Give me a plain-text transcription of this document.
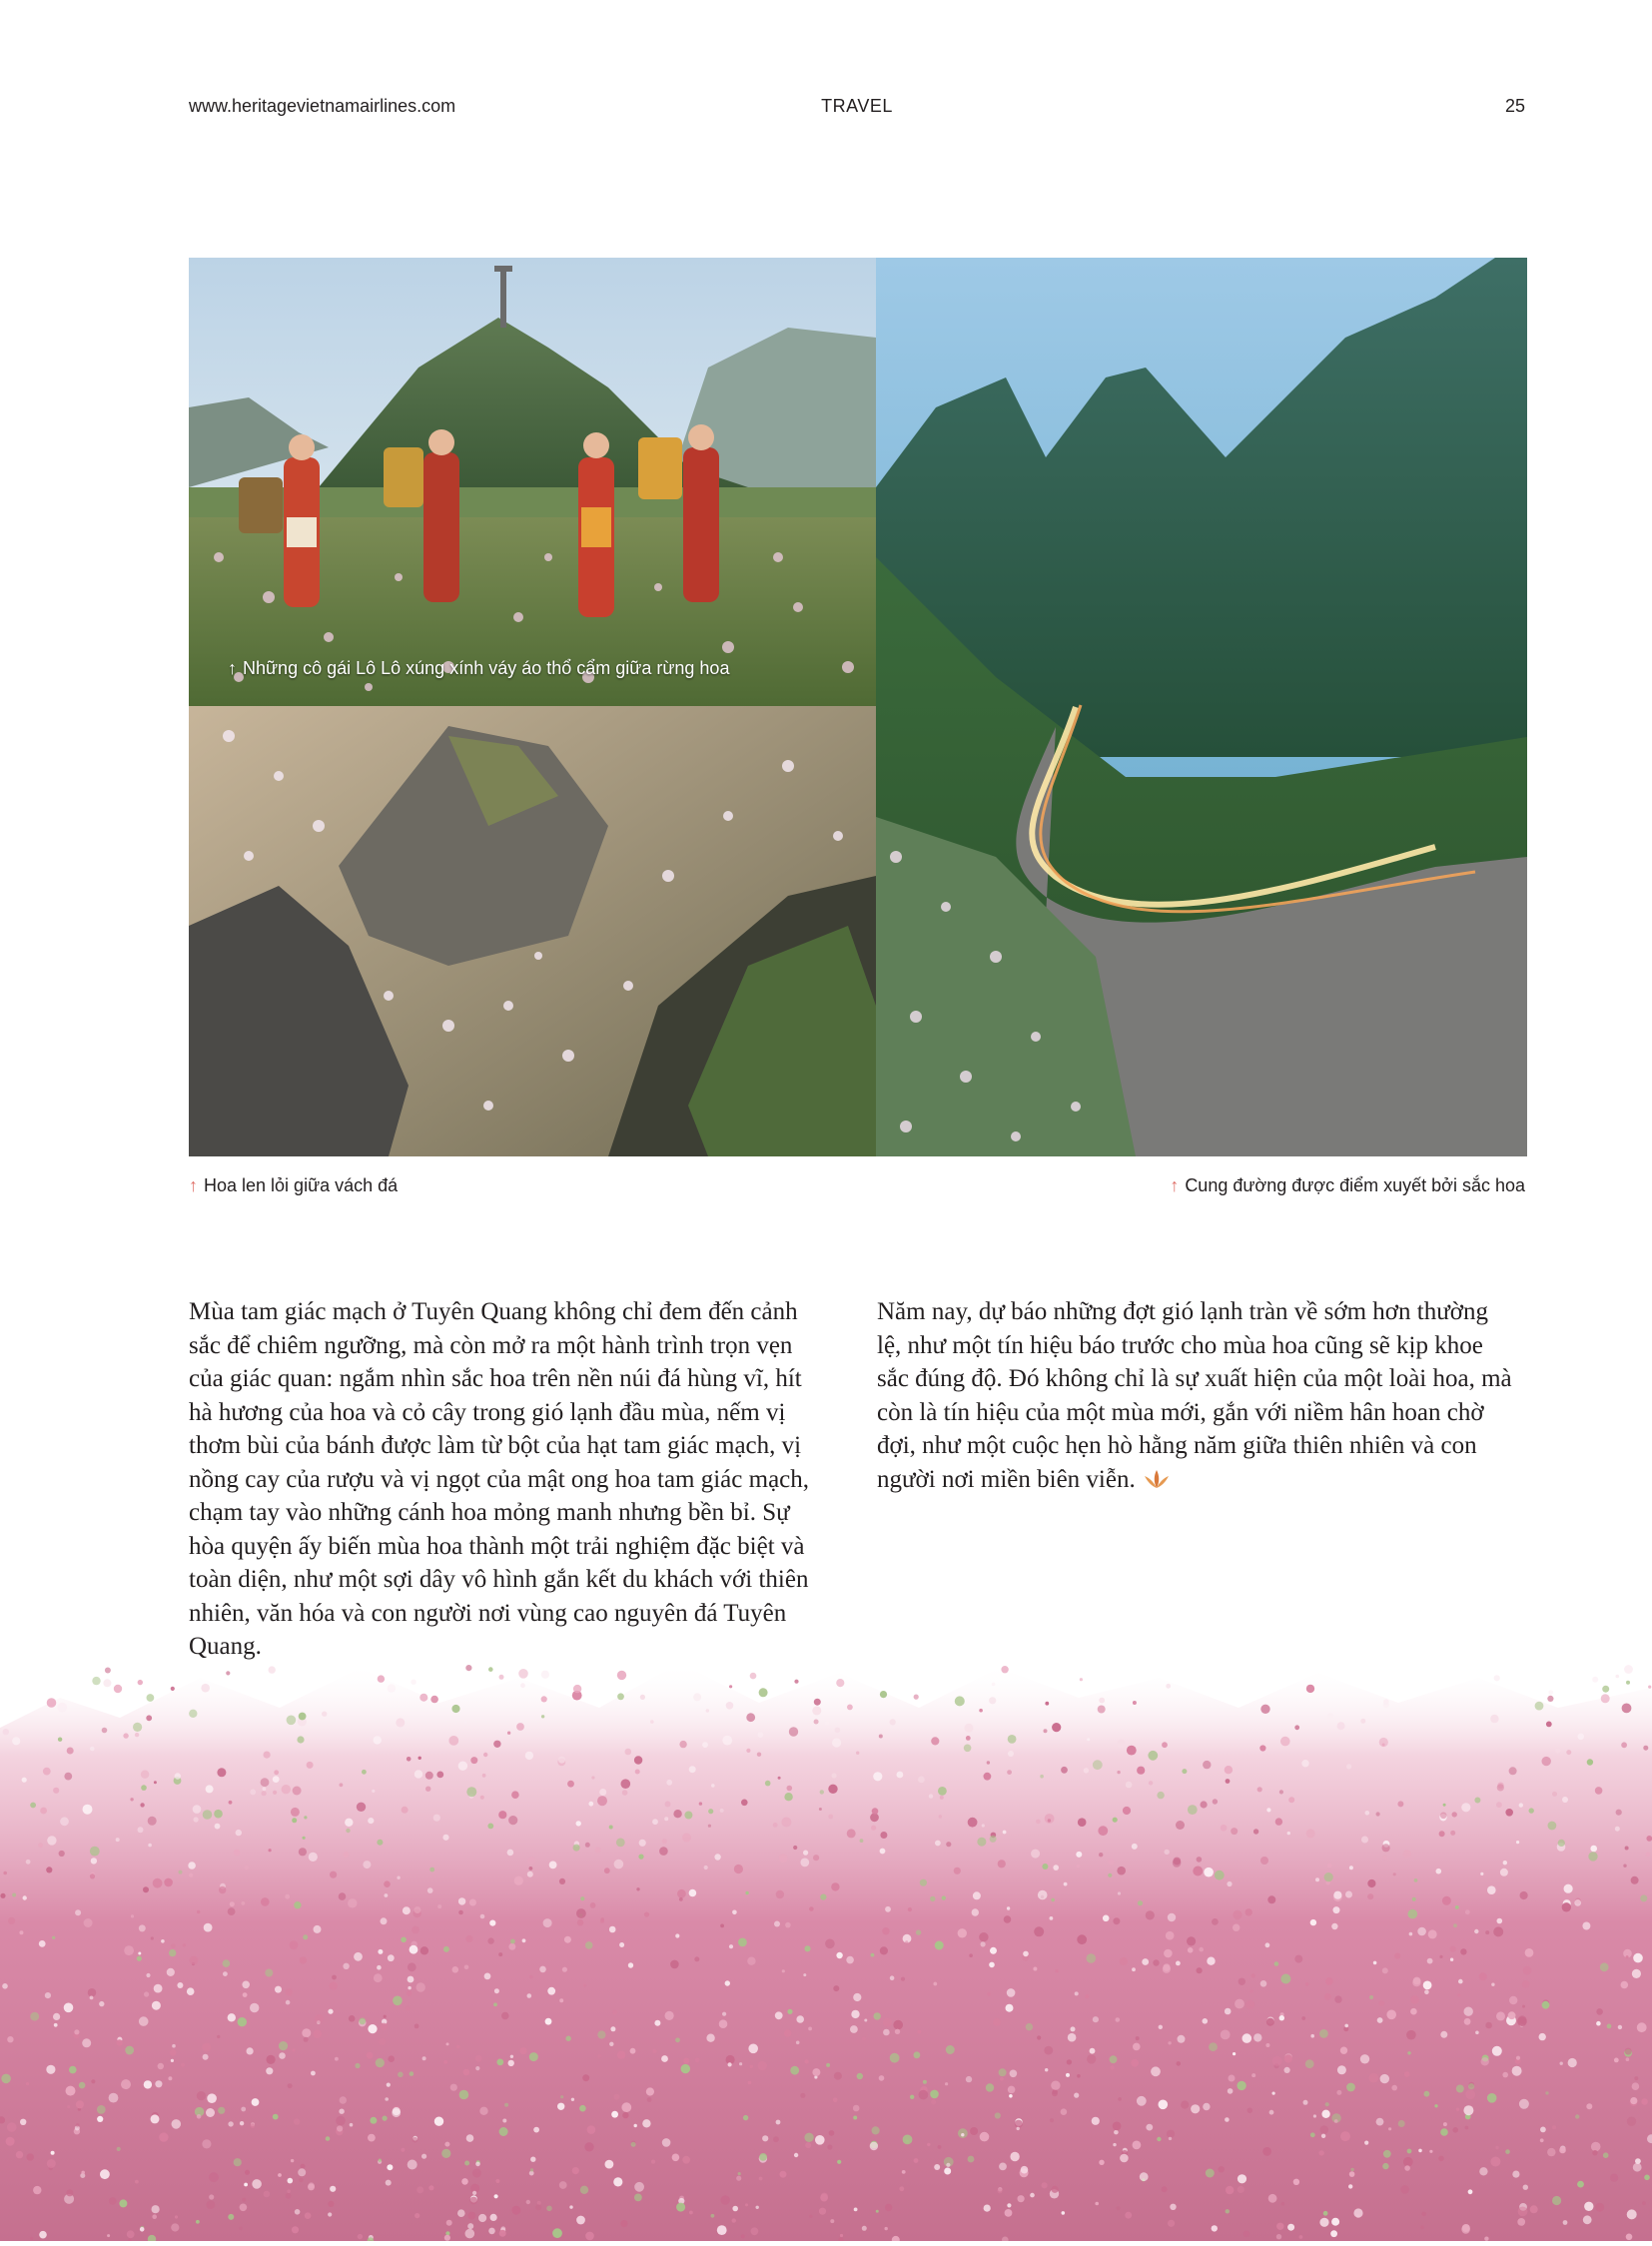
www.heritagevietnamairlines.com	TRAVEL	25
↑ Những cô gái Lô Lô xúng xính váy áo thổ cẩm giữa rừng hoa
↑ Hoa len lỏi giữa vách đá	↑ Cung đường được điểm xuyết bởi sắc hoa

Mùa tam giác mạch ở Tuyên Quang không chỉ đem đến cảnh sắc để chiêm ngưỡng, mà còn mở ra một hành trình trọn vẹn của giác quan: ngắm nhìn sắc hoa trên nền núi đá hùng vĩ, hít hà hương của hoa và cỏ cây trong gió lạnh đầu mùa, nếm vị thơm bùi của bánh được làm từ bột của hạt tam giác mạch, vị nồng cay của rượu và vị ngọt của mật ong hoa tam giác mạch, chạm tay vào những cánh hoa mỏng manh nhưng bền bỉ. Sự hòa quyện ấy biến mùa hoa thành một trải nghiệm đặc biệt và toàn diện, như một sợi dây vô hình gắn kết du khách với thiên nhiên, văn hóa và con người nơi vùng cao nguyên đá Tuyên Quang.

Năm nay, dự báo những đợt gió lạnh tràn về sớm hơn thường lệ, như một tín hiệu báo trước cho mùa hoa cũng sẽ kịp khoe sắc đúng độ. Đó không chỉ là sự xuất hiện của một loài hoa, mà còn là tín hiệu của một mùa mới, gắn với niềm hân hoan chờ đợi, như một cuộc hẹn hò hằng năm giữa thiên nhiên và con người nơi miền biên viễn.
